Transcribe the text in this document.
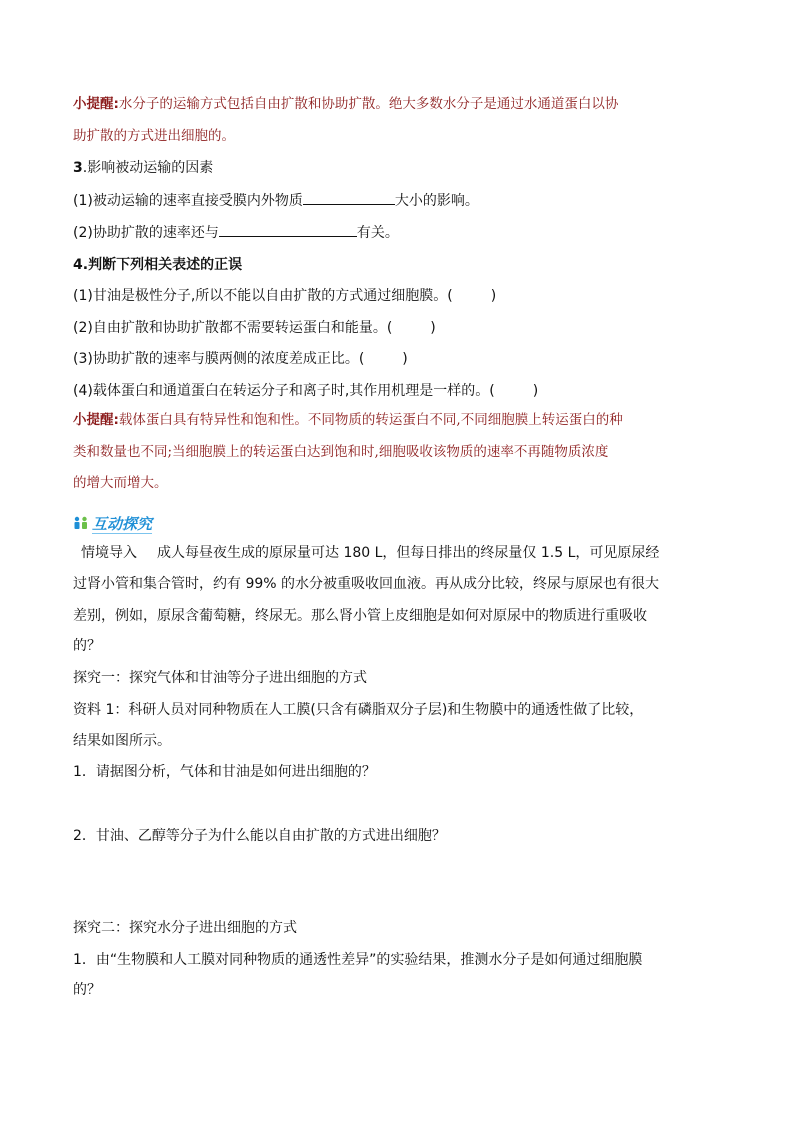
小提醒:水分子的运输方式包括自由扩散和协助扩散。绝大多数水分子是通过水通道蛋白以协
助扩散的方式进出细胞的。
3.影响被动运输的因素
(1)被动运输的速率直接受膜内外物质	大小的影响。
(2)协助扩散的速率还与	有关。
4.判断下列相关表述的正误
(1)甘油是极性分子,所以不能以自由扩散的方式通过细胞膜。(	)
(2)自由扩散和协助扩散都不需要转运蛋白和能量。(	)
(3)协助扩散的速率与膜两侧的浓度差成正比。(	)
(4)载体蛋白和通道蛋白在转运分子和离子时,其作用机理是一样的。(	)
小提醒:载体蛋白具有特异性和饱和性。不同物质的转运蛋白不同,不同细胞膜上转运蛋白的种
类和数量也不同;当细胞膜上的转运蛋白达到饱和时,细胞吸收该物质的速率不再随物质浓度
的增大而增大。
互动探究
情境导入 成人每昼夜生成的原尿量可达 180 L，但每日排出的终尿量仅 1.5 L，可见原尿经
过肾小管和集合管时，约有 99% 的水分被重吸收回血液。再从成分比较，终尿与原尿也有很大
差别，例如，原尿含葡萄糖，终尿无。那么肾小管上皮细胞是如何对原尿中的物质进行重吸收
的？
探究一：探究气体和甘油等分子进出细胞的方式
资料 1：科研人员对同种物质在人工膜(只含有磷脂双分子层)和生物膜中的通透性做了比较，
结果如图所示。
1．请据图分析，气体和甘油是如何进出细胞的？
2．甘油、乙醇等分子为什么能以自由扩散的方式进出细胞？
探究二：探究水分子进出细胞的方式
1．由“生物膜和人工膜对同种物质的通透性差异”的实验结果，推测水分子是如何通过细胞膜
的？
